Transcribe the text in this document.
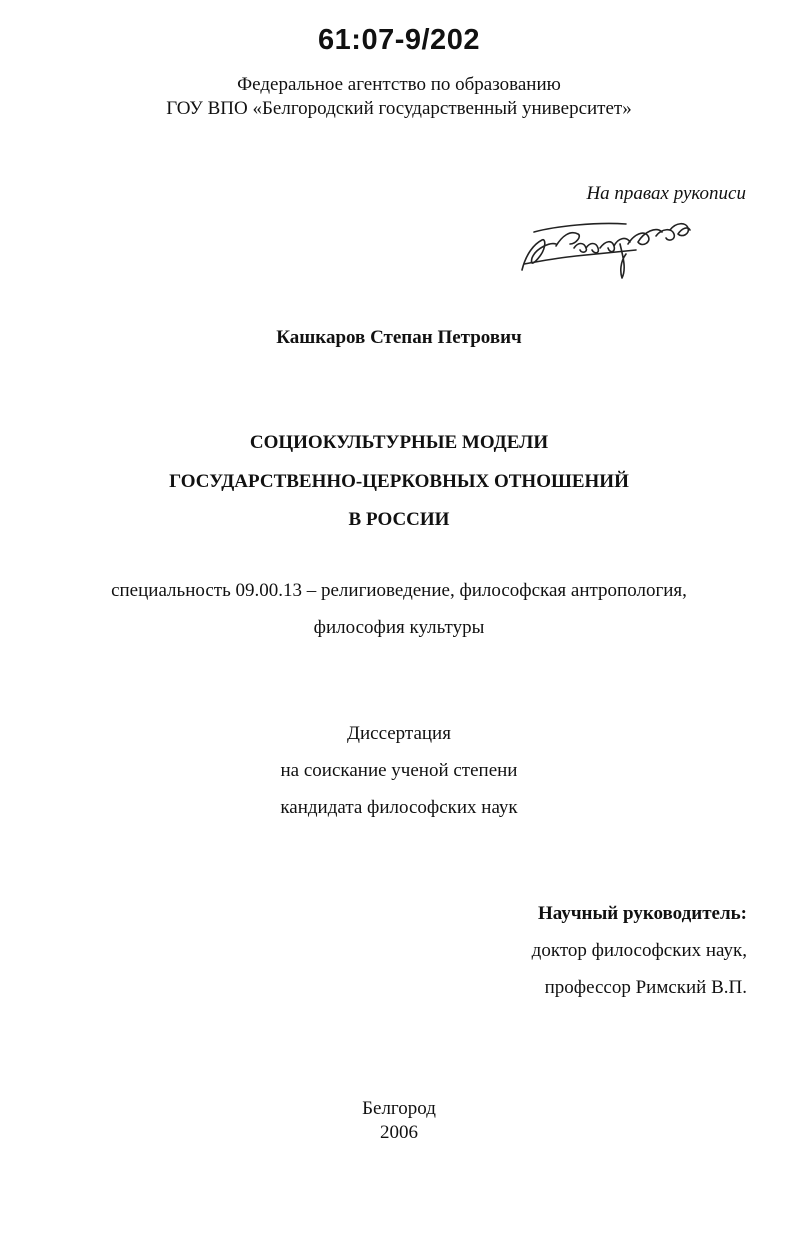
61:07-9/202
Федеральное агентство по образованию
ГОУ ВПО «Белгородский государственный университет»
На правах рукописи
Кашкаров Степан Петрович
СОЦИОКУЛЬТУРНЫЕ МОДЕЛИ
ГОСУДАРСТВЕННО-ЦЕРКОВНЫХ ОТНОШЕНИЙ
В РОССИИ
специальность 09.00.13 – религиоведение, философская антропология,
философия культуры
Диссертация
на соискание ученой степени
кандидата философских наук
Научный руководитель:
доктор философских наук,
профессор Римский В.П.
Белгород
2006
